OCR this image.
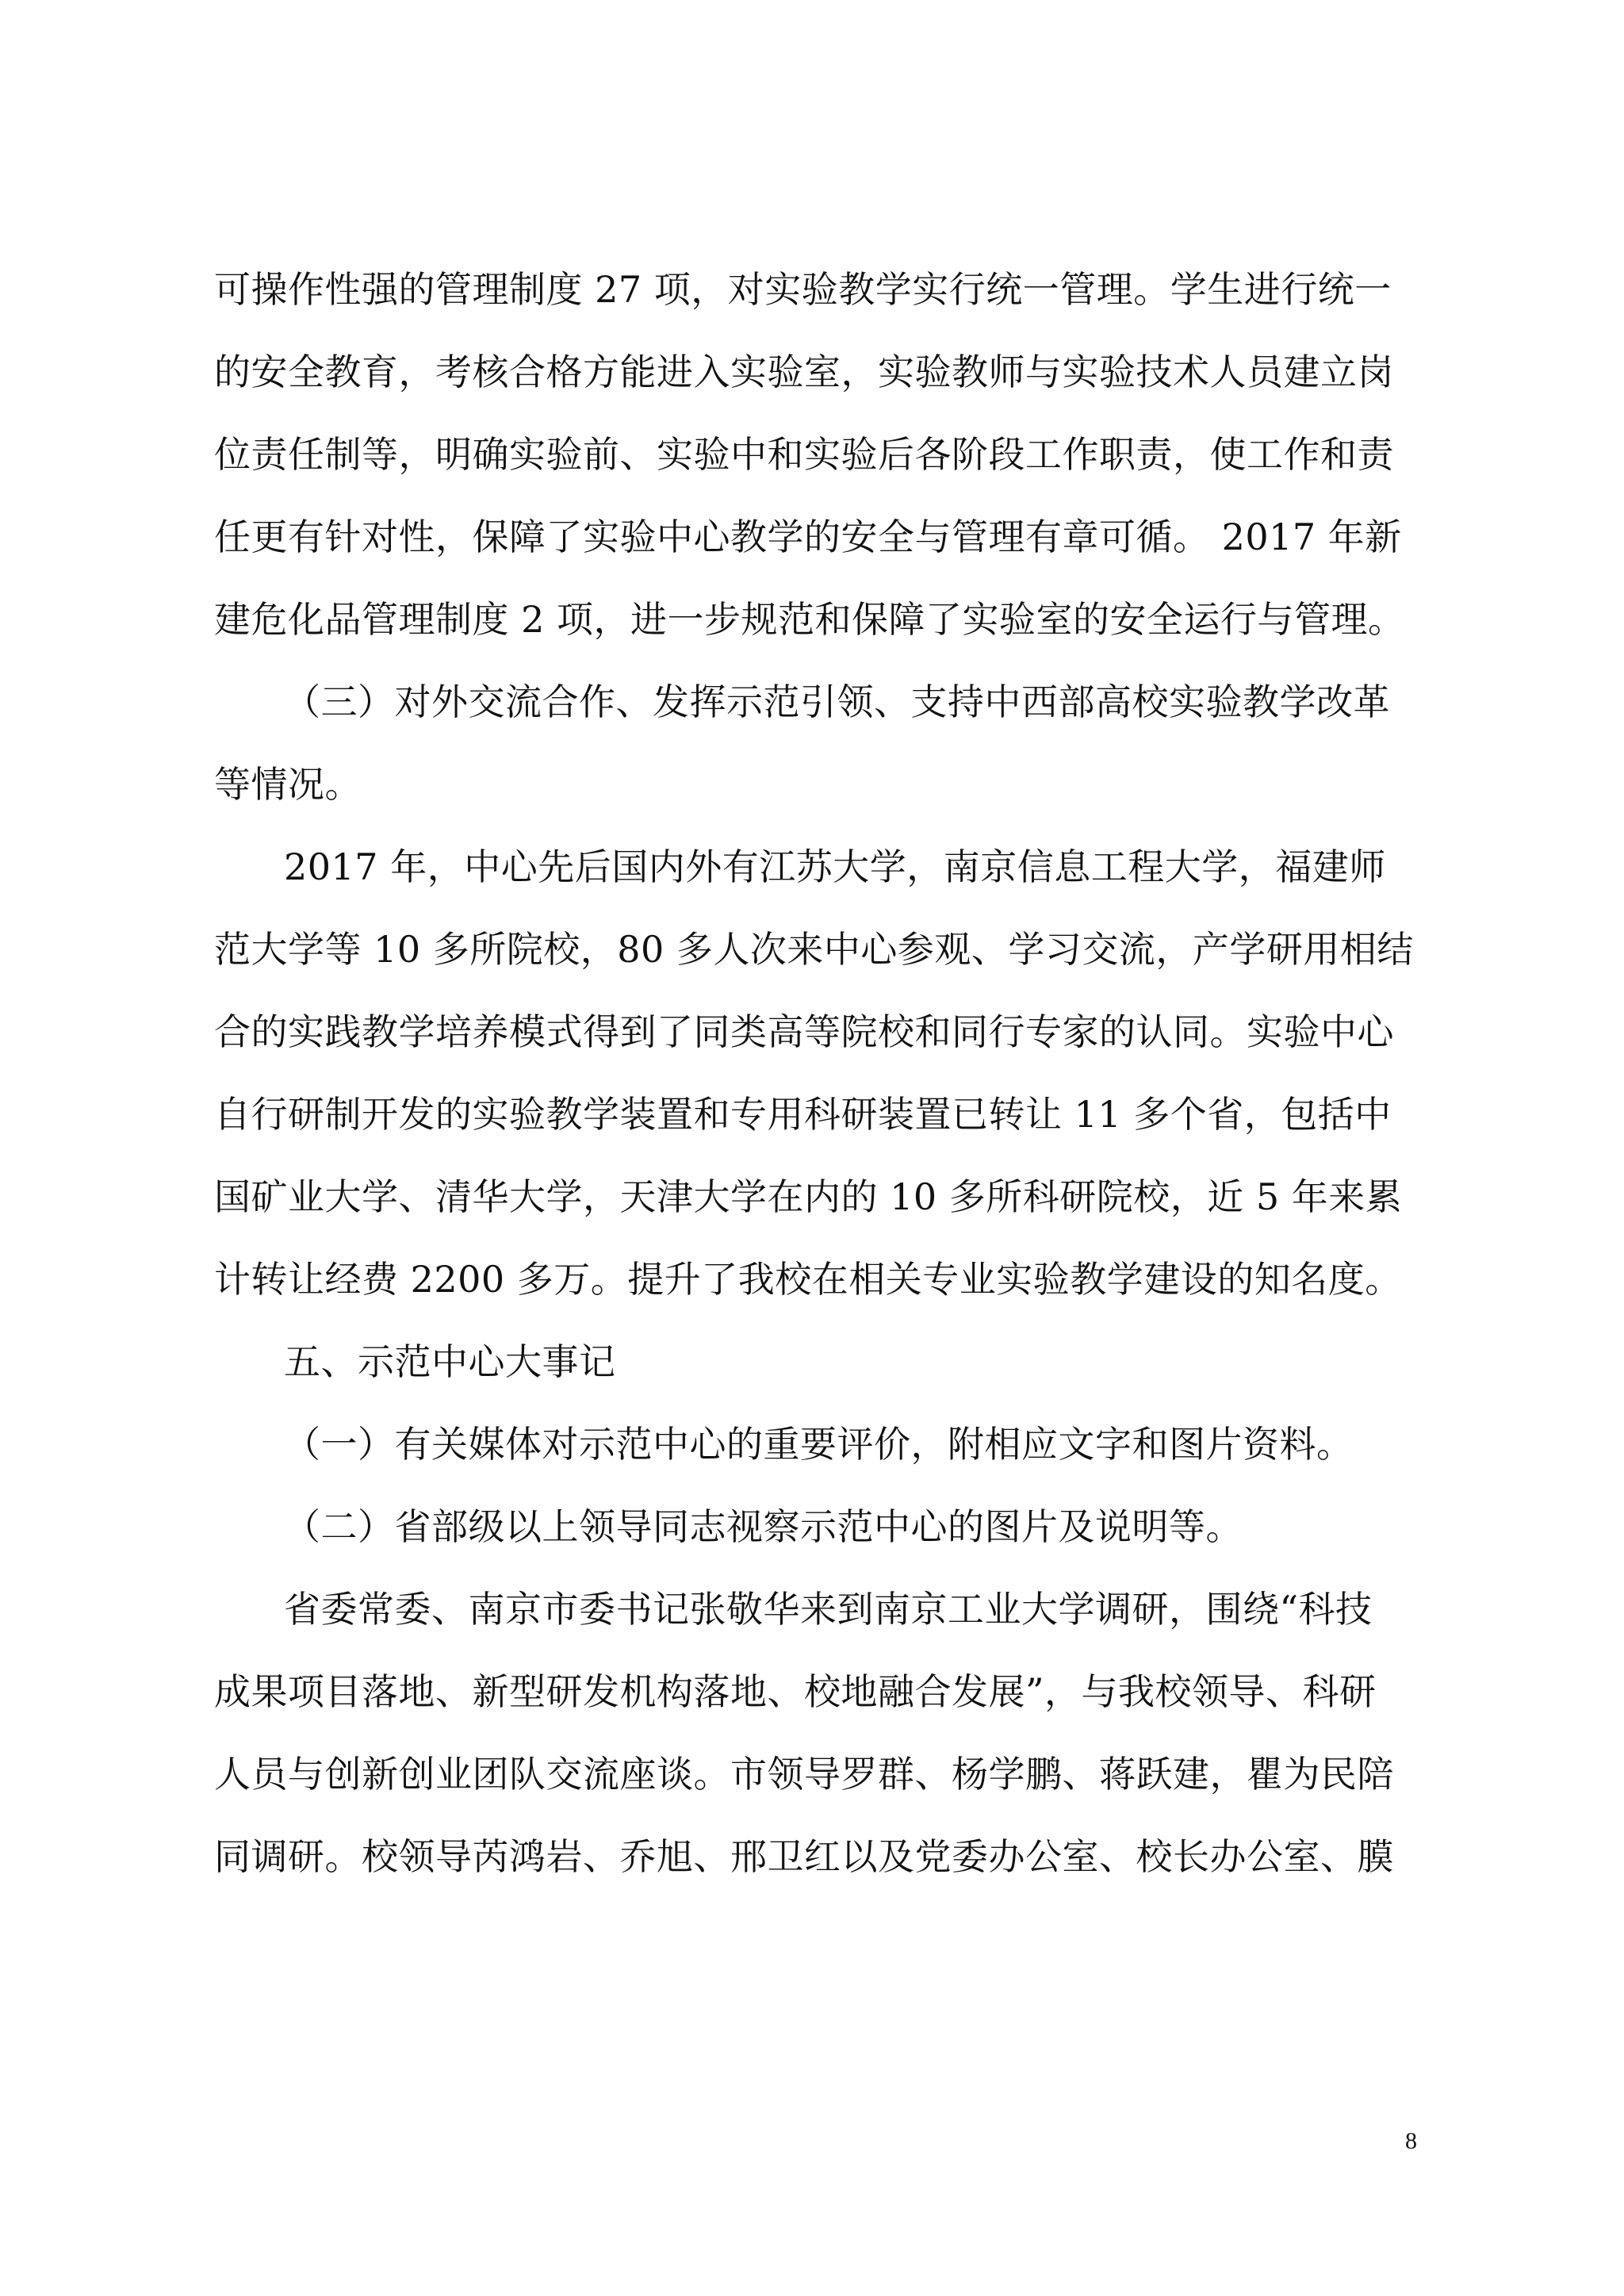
可操作性强的管理制度 27 项，对实验教学实行统一管理。学生进行统一
的安全教育，考核合格方能进入实验室，实验教师与实验技术人员建立岗
位责任制等，明确实验前、实验中和实验后各阶段工作职责，使工作和责
任更有针对性，保障了实验中心教学的安全与管理有章可循。 2017 年新
建危化品管理制度 2 项，进一步规范和保障了实验室的安全运行与管理。
（三）对外交流合作、发挥示范引领、支持中西部高校实验教学改革
等情况。
2017 年，中心先后国内外有江苏大学，南京信息工程大学，福建师
范大学等 10 多所院校，80 多人次来中心参观、学习交流，产学研用相结
合的实践教学培养模式得到了同类高等院校和同行专家的认同。实验中心
自行研制开发的实验教学装置和专用科研装置已转让 11 多个省，包括中
国矿业大学、清华大学，天津大学在内的 10 多所科研院校，近 5 年来累
计转让经费 2200 多万。提升了我校在相关专业实验教学建设的知名度。
五、示范中心大事记
（一）有关媒体对示范中心的重要评价，附相应文字和图片资料。
（二）省部级以上领导同志视察示范中心的图片及说明等。
省委常委、南京市委书记张敬华来到南京工业大学调研，围绕“科技
成果项目落地、新型研发机构落地、校地融合发展”，与我校领导、科研
人员与创新创业团队交流座谈。市领导罗群、杨学鹏、蒋跃建，瞿为民陪
同调研。校领导芮鸿岩、乔旭、邢卫红以及党委办公室、校长办公室、膜
8
